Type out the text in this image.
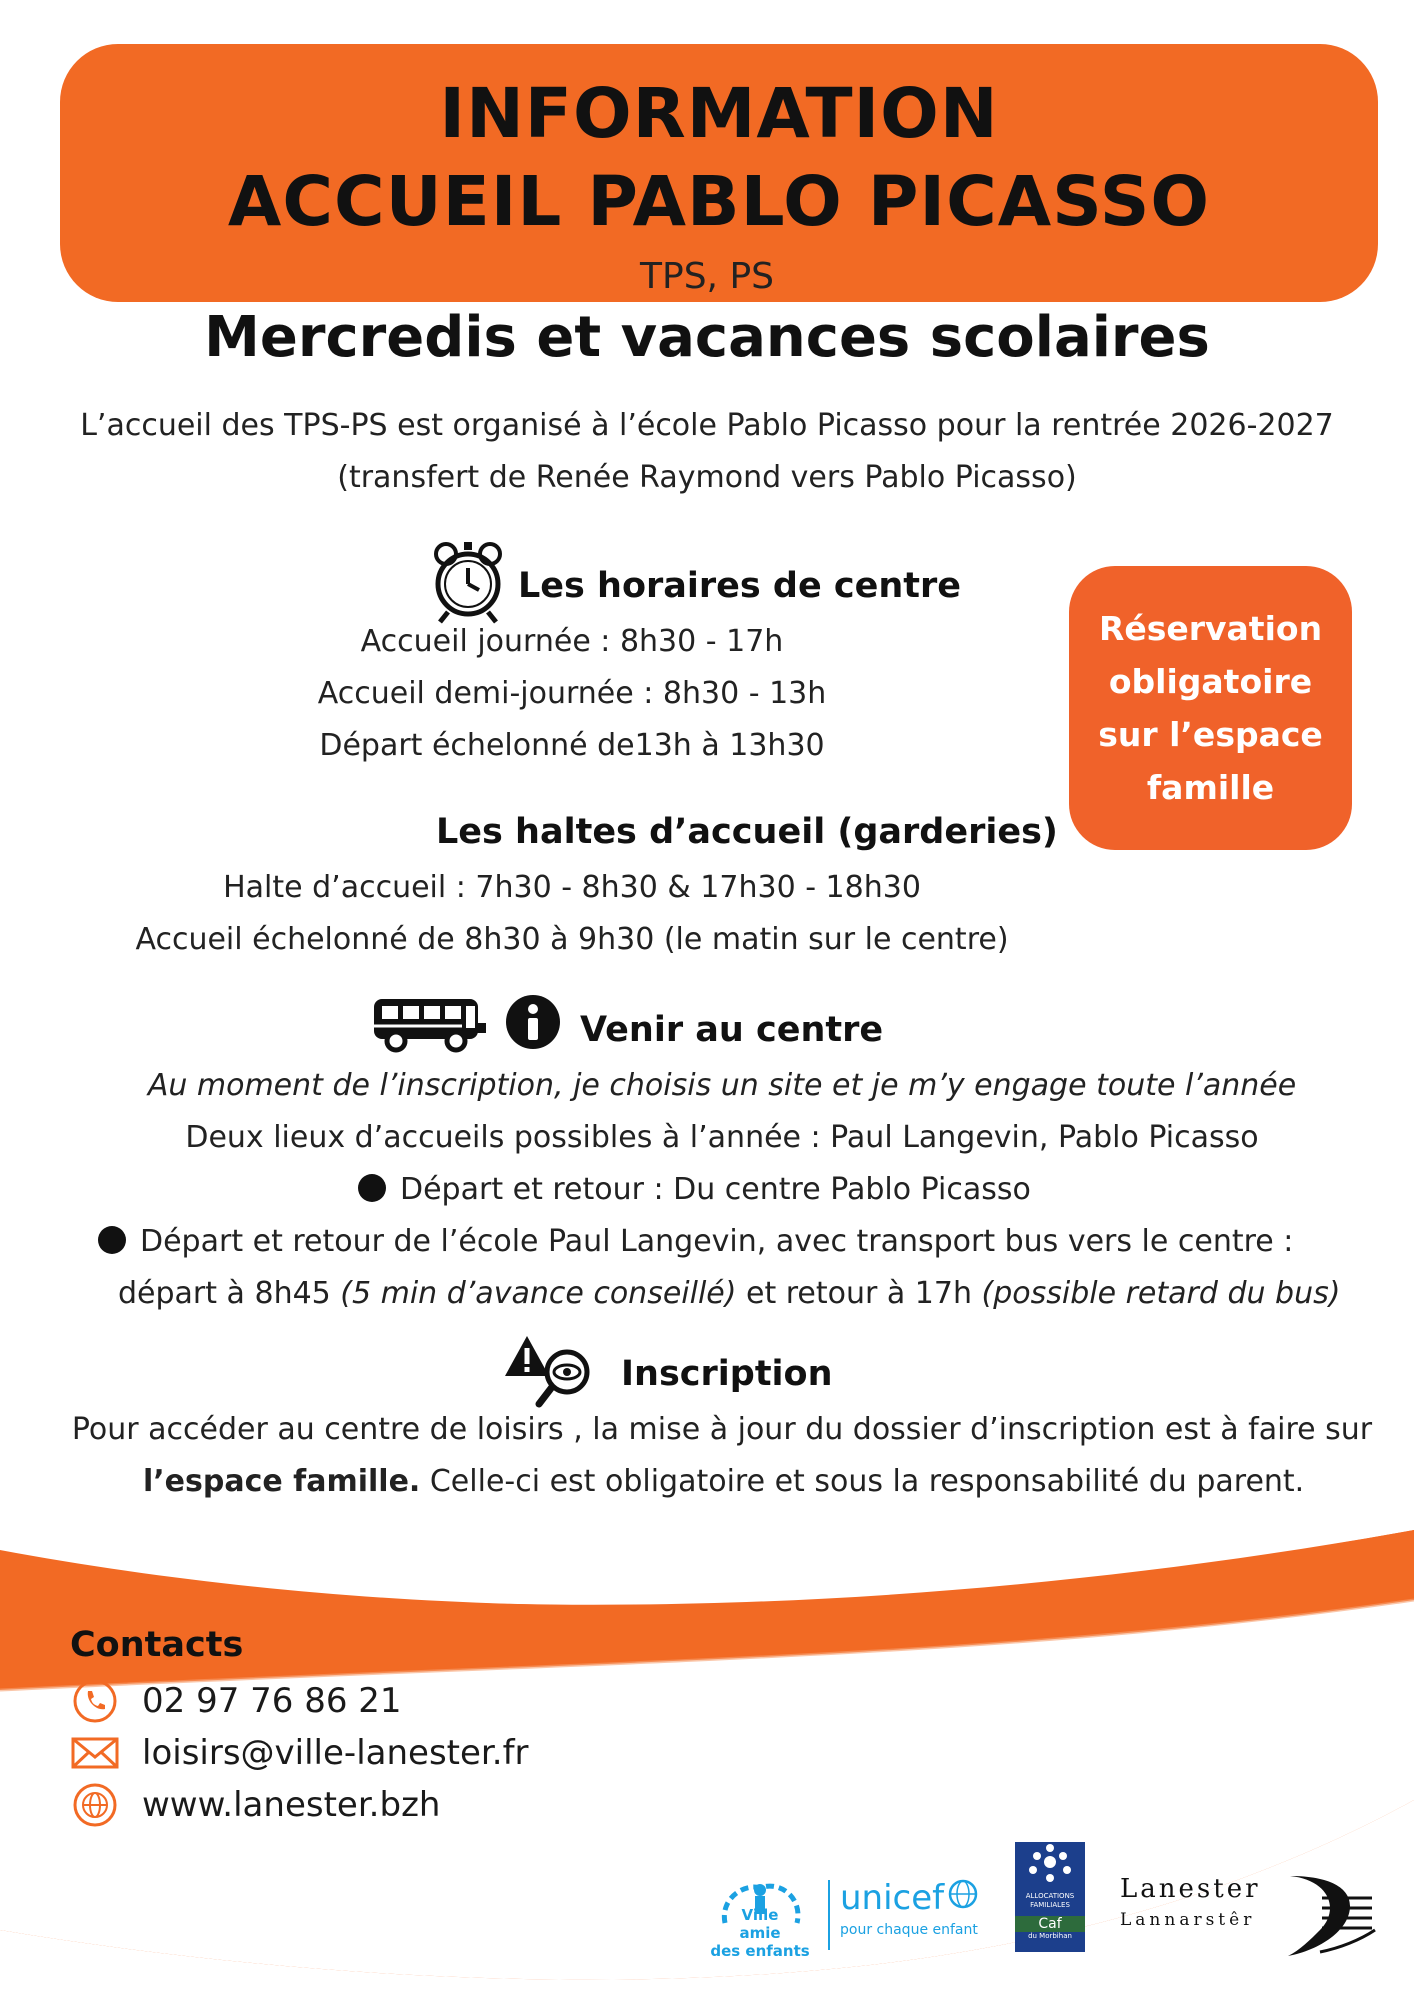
INFORMATION
ACCUEIL PABLO PICASSO
TPS, PS
Mercredis et vacances scolaires
L’accueil des TPS-PS est organisé à l’école Pablo Picasso pour la rentrée 2026-2027
(transfert de Renée Raymond vers Pablo Picasso)
Les horaires de centre
Accueil journée : 8h30 - 17h
Accueil demi-journée : 8h30 - 13h
Départ échelonné de13h à 13h30
Réservation obligatoire sur l’espace famille
Les haltes d’accueil (garderies)
Halte d’accueil : 7h30 - 8h30 & 17h30 - 18h30
Accueil échelonné de 8h30 à 9h30 (le matin sur le centre)
Venir au centre
Au moment de l’inscription, je choisis un site et je m’y engage toute l’année
Deux lieux d’accueils possibles à l’année : Paul Langevin, Pablo Picasso
Départ et retour : Du centre Pablo Picasso
Départ et retour de l’école Paul Langevin, avec transport bus vers le centre :
départ à 8h45 (5 min d’avance conseillé) et retour à 17h (possible retard du bus)
Inscription
Pour accéder au centre de loisirs , la mise à jour du dossier d’inscription est à faire sur
l’espace famille. Celle-ci est obligatoire et sous la responsabilité du parent.
Contacts
02 97 76 86 21
loisirs@ville-lanester.fr
www.lanester.bzh
Ville
amie
des enfants
unicef
pour chaque enfant
ALLOCATIONS
FAMILIALES
Caf
du Morbihan
Lanester
Lannarstêr
